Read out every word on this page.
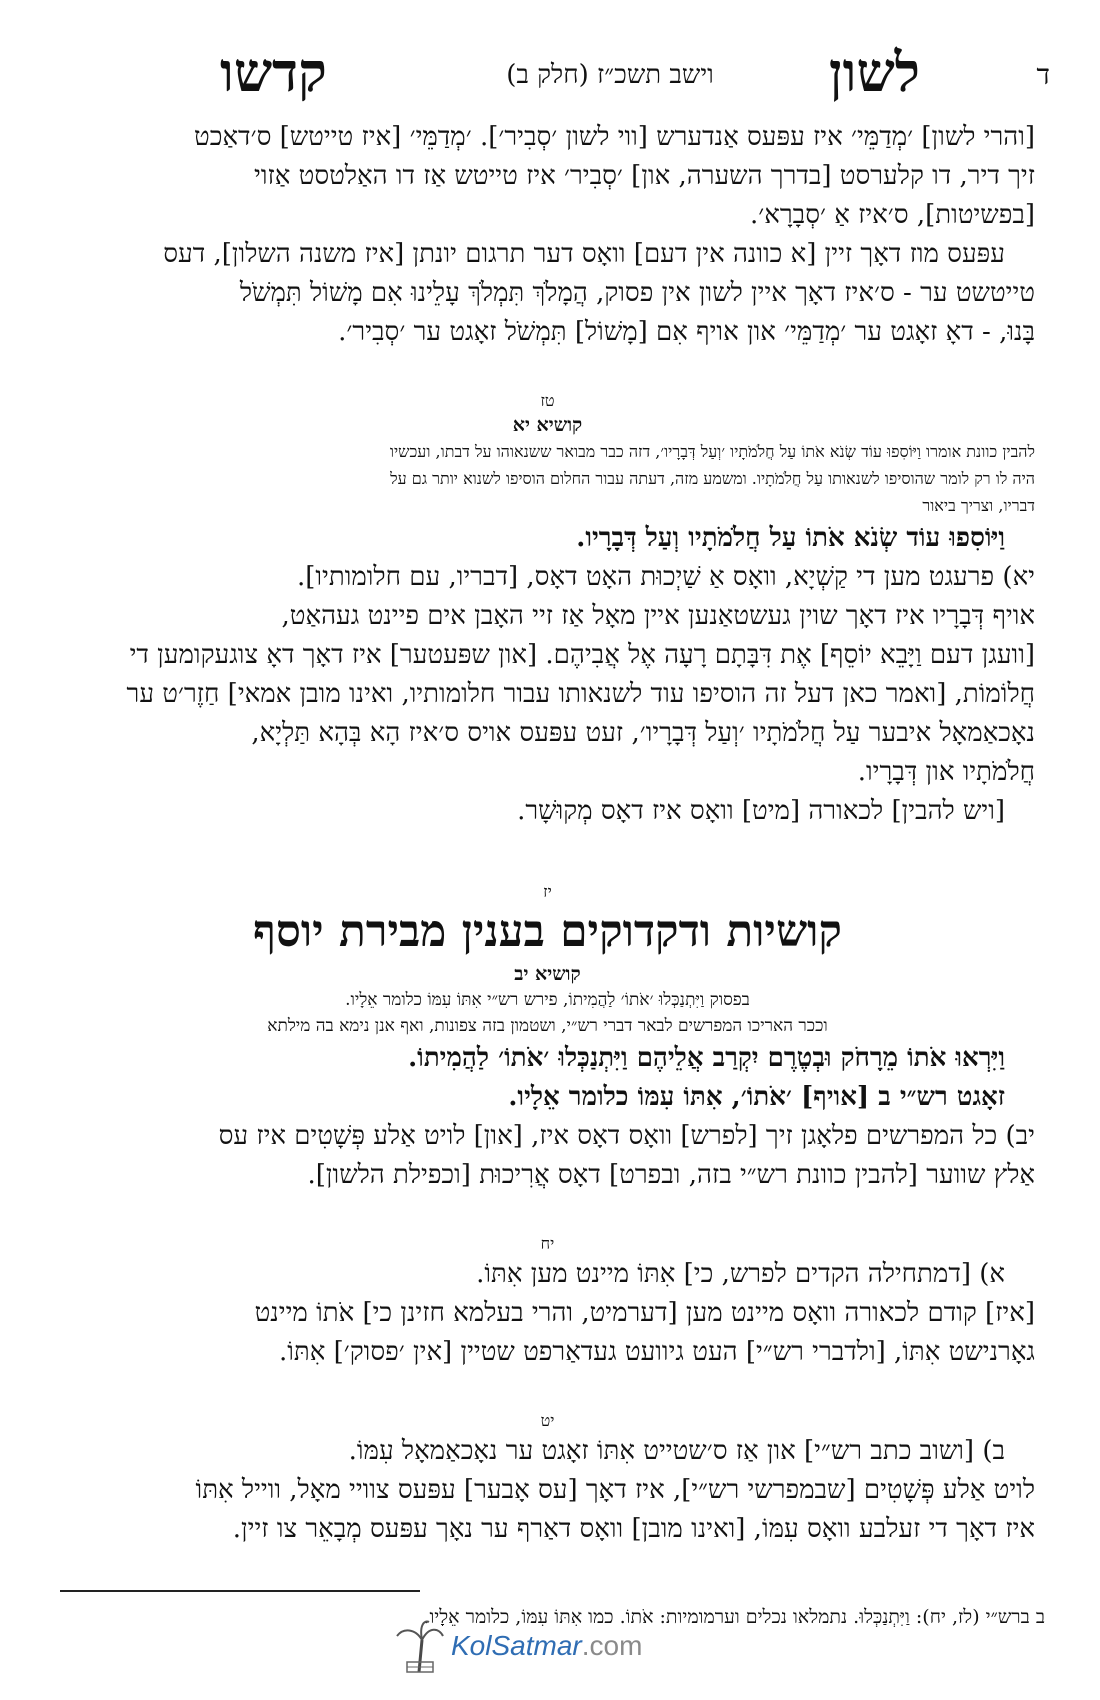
ד
לשון
וישב תשכ״ז (חלק ב)
קדשו

[והרי לשון] ׳מְדַמֵּי׳ איז עפּעס אַנדערש [ווי לשון ׳סְבִיר׳]. ׳מְדַמֵּי׳ [איז טייטש] ס׳דאַכט

זיך דיר, דו קלערסט [בדרך השערה, און] ׳סְבִיר׳ איז טייטש אַז דו האַלטסט אַזוי

[בפשיטות], ס׳איז אַ ׳סְבָרָא׳.

עפּעס מוז דאָך זיין [א כוונה אין דעם] וואָס דער תרגום יונתן [איז משנה השלון], דעס

טייטשט ער - ס׳איז דאָך איין לשון אין פסוק, הֲמָלֹךְ תִּמְלֹךְ עָלֵינוּ אִם מָשׁוֹל תִּמְשֹׁל

בָּנוּ, - דאָ זאָגט ער ׳מְדַמֵּי׳ און אויף אִם [מָשׁוֹל] תִּמְשֹׁל זאָגט ער ׳סְבִיר׳.

טז

קושיא יא

להבין כוונת אומרו וַיּוֹסִפוּ עוֹד שְׂנֹא אֹתוֹ עַל חֲלֹמֹתָיו ׳וְעַל דְּבָרָיו׳, דזה כבר מבואר ששנאוהו על דבתו, ועכשיו

היה לו רק לומר שהוסיפו לשנאותו עַל חֲלֹמֹתָיו. ומשמע מזה, דעתה עבור החלום הוסיפו לשנוא יותר גם על

דבריו, וצריך ביאור

וַיּוֹסִפוּ עוֹד שְׂנֹא אֹתוֹ עַל חֲלֹמֹתָיו וְעַל דְּבָרָיו.

יא) פרעגט מען די קַשְׁיָא, וואָס אַ שַׁיְכוּת האָט דאָס, [דבריו, עם חלומותיו].

אויף דְּבָרָיו איז דאָך שוין געשטאַנען איין מאָל אַז זיי האָבן אים פיינט געהאַט,

[וועגן דעם וַיָּבֵא יוֹסֵף] אֶת דִּבָּתָם רָעָה אֶל אֲבִיהֶם. [און שפּעטער] איז דאָך דאָ צוגעקומען די

חֲלוֹמוֹת, [ואמר כאן דעל זה הוסיפו עוד לשנאותו עבור חלומותיו, ואינו מובן אמאי] חַזֶר׳ט ער

נאָכאַמאָל איבער עַל חֲלֹמֹתָיו ׳וְעַל דְּבָרָיו׳, זעט עפּעס אויס ס׳איז הָא בְּהָא תַּלְיָא,

חֲלֹמֹתָיו און דְּבָרָיו.

[ויש להבין] לכאורה [מיט] וואָס איז דאָס מְקוּשָׁר.

יז

קושיות ודקדוקים בענין מבירת יוסף

קושיא יב

בפסוק וַיִּתְנַכְּלוּ ׳אֹתוֹ׳ לַהֲמִיתוֹ, פירש רש״י אִתּוֹ עִמּוֹ כלומר אֵלָיו.

וככר האריכו המפרשים לבאר דברי רש״י, ושטמון בזה צפונות, ואף אנן נימא בה מילתא

וַיִּרְאוּ אֹתוֹ מֵרָחֹק וּבְטֶרֶם יִקְרַב אֲלֵיהֶם וַיִּתְנַכְּלוּ ׳אֹתוֹ׳ לַהֲמִיתוֹ.

זאָגט רש״י ב [אויף] ׳אֹתוֹ׳, אִתּוֹ עִמּוֹ כלומר אֵלָיו.

יב) כל המפרשים פלאָגן זיך [לפרש] וואָס דאָס איז, [און] לויט אַלע פְּשָׁטִים איז עס

אַלץ שווער [להבין כוונת רש״י בזה, ובפרט] דאָס אֲרִיכוּת [וכפילת הלשון].

יח

א) [דמתחילה הקדים לפרש, כי] אִתּוֹ מיינט מען אִתּוֹ.

[איז] קודם לכאורה וואָס מיינט מען [דערמיט, והרי בעלמא חזינן כי] אֹתוֹ מיינט

גאָרנישט אִתּוֹ, [ולדברי רש״י] העט גיוועט געדאַרפט שטיין [אין ׳פסוק׳] אִתּוֹ.

יט

ב) [ושוב כתב רש״י] און אַז ס׳שטייט אִתּוֹ זאָגט ער נאָכאַמאָל עִמּוֹ.

לויט אַלע פְּשָׁטִים [שבמפרשי רש״י], איז דאָך [עס אָבער] עפּעס צוויי מאָל, ווייל אִתּוֹ

איז דאָך די זעלבע וואָס עִמּוֹ, [ואינו מובן] וואָס דאַרף ער נאָך עפּעס מְבָאֵר צו זיין.

ב ברש״י (לז, יח): וַיִּתְנַכְּלוּ. נתמלאו נכלים וערמומיות: אֹתוֹ. כמו אִתּוֹ עִמּוֹ, כלומר אֵלָיו.
KolSatmar.com
